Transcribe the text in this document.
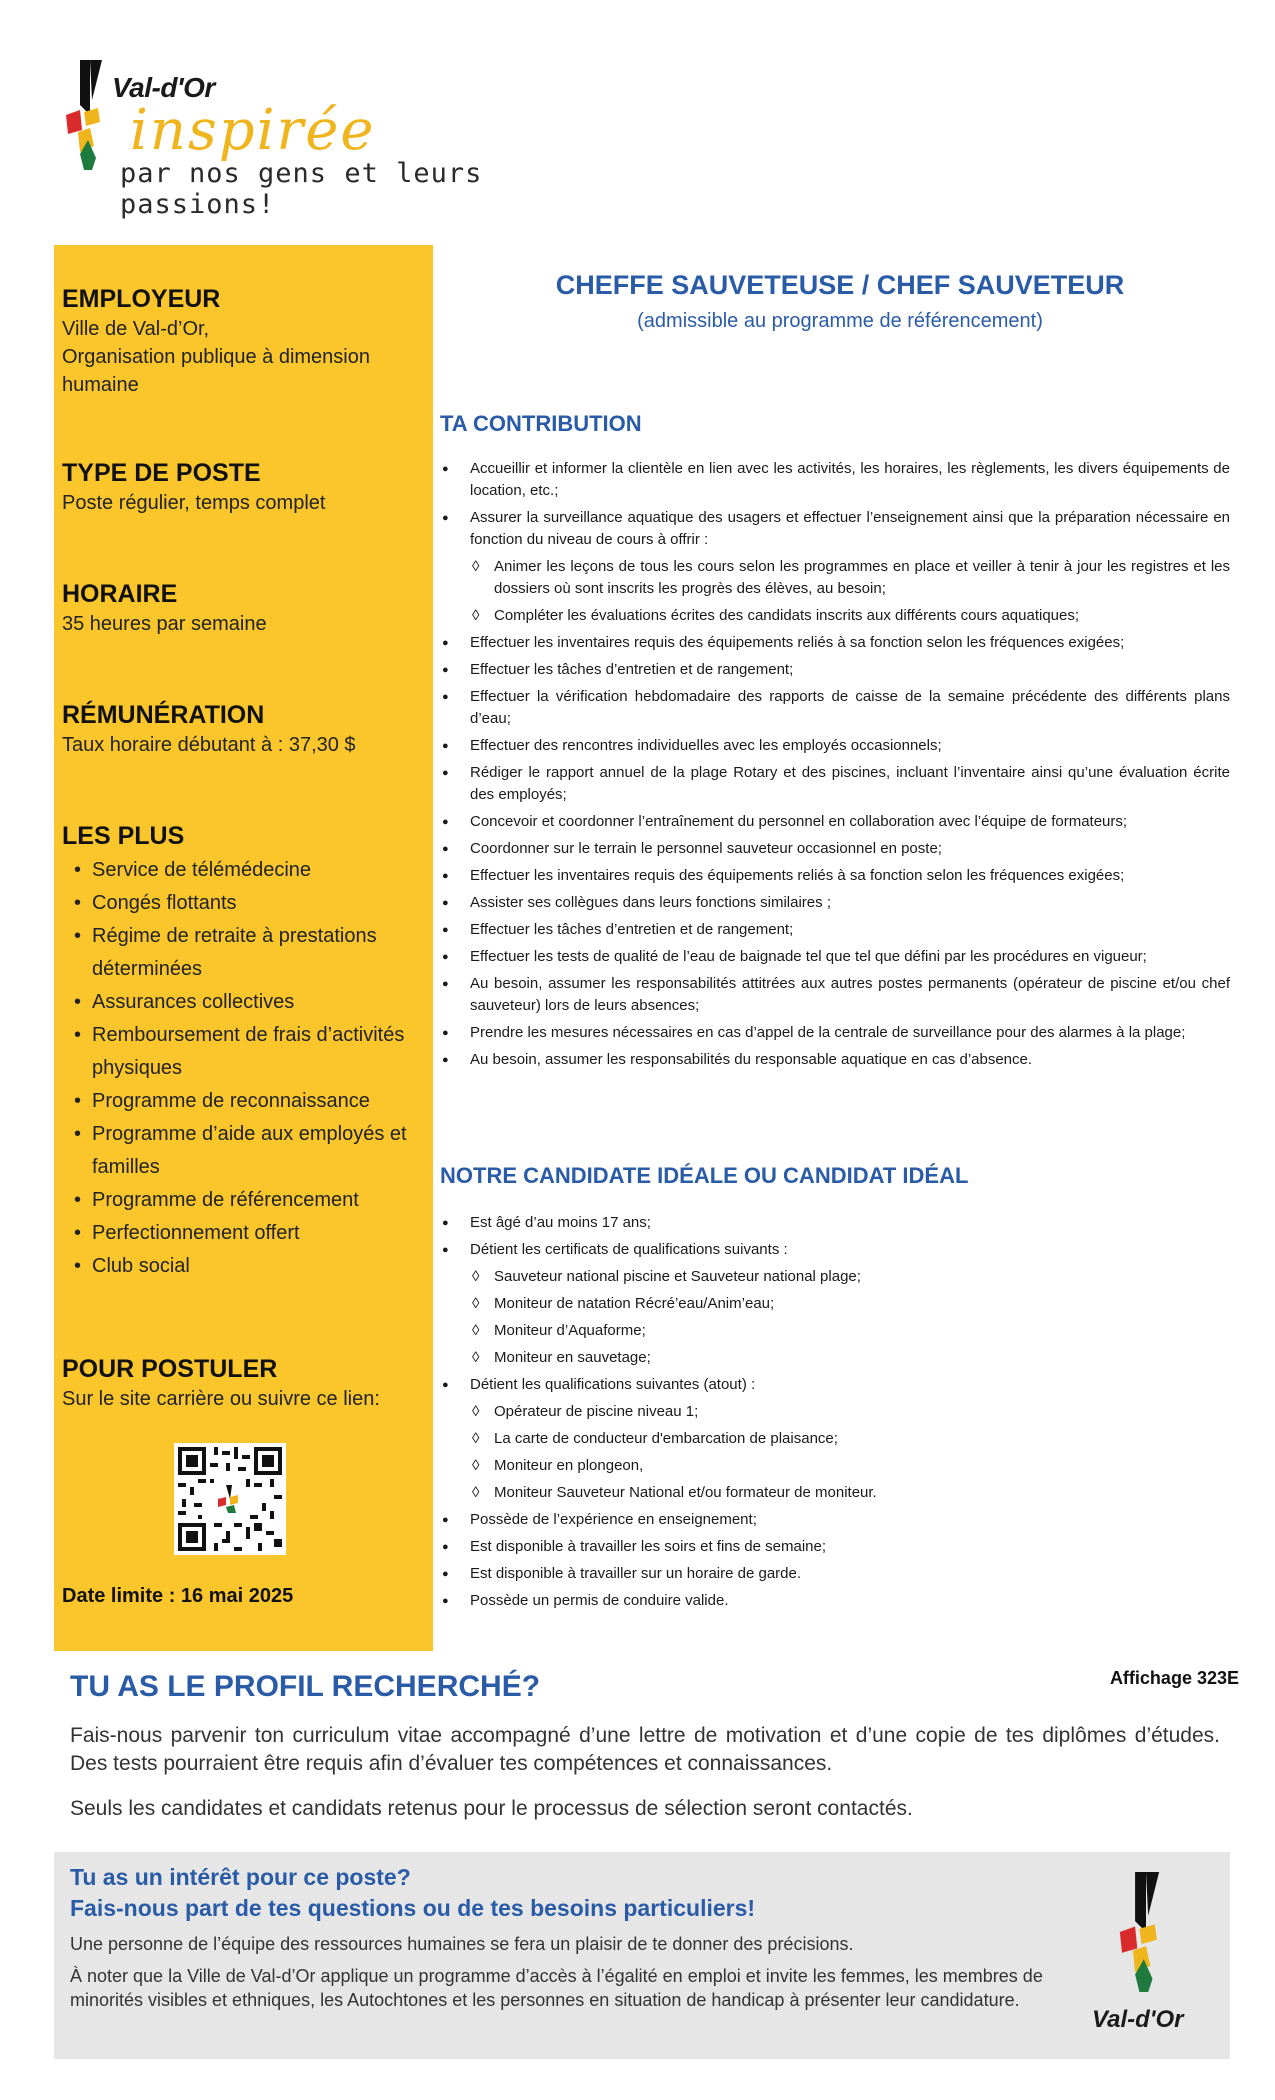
Val-d'Or
inspirée
par nos gens et leurs passions!
EMPLOYEUR
Ville de Val-d’Or,
Organisation publique à dimension humaine
TYPE DE POSTE
Poste régulier, temps complet
HORAIRE
35 heures par semaine
RÉMUNÉRATION
Taux horaire débutant à : 37,30 $
LES PLUS
• Service de télémédecine
• Congés flottants
• Régime de retraite à prestations déterminées
• Assurances collectives
• Remboursement de frais d’activités physiques
• Programme de reconnaissance
• Programme d’aide aux employés et familles
• Programme de référencement
• Perfectionnement offert
• Club social
POUR POSTULER
Sur le site carrière ou suivre ce lien:
Date limite : 16 mai 2025
CHEFFE SAUVETEUSE / CHEF SAUVETEUR
(admissible au programme de référencement)
TA CONTRIBUTION
● Accueillir et informer la clientèle en lien avec les activités, les horaires, les règlements, les divers équipements de location, etc.;
● Assurer la surveillance aquatique des usagers et effectuer l’enseignement ainsi que la préparation nécessaire en fonction du niveau de cours à offrir :
◊ Animer les leçons de tous les cours selon les programmes en place et veiller à tenir à jour les registres et les dossiers où sont inscrits les progrès des élèves, au besoin;
◊ Compléter les évaluations écrites des candidats inscrits aux différents cours aquatiques;
● Effectuer les inventaires requis des équipements reliés à sa fonction selon les fréquences exigées;
● Effectuer les tâches d’entretien et de rangement;
● Effectuer la vérification hebdomadaire des rapports de caisse de la semaine précédente des différents plans d’eau;
● Effectuer des rencontres individuelles avec les employés occasionnels;
● Rédiger le rapport annuel de la plage Rotary et des piscines, incluant l’inventaire ainsi qu’une évaluation écrite des employés;
● Concevoir et coordonner l’entraînement du personnel en collaboration avec l’équipe de formateurs;
● Coordonner sur le terrain le personnel sauveteur occasionnel en poste;
● Effectuer les inventaires requis des équipements reliés à sa fonction selon les fréquences exigées;
● Assister ses collègues dans leurs fonctions similaires ;
● Effectuer les tâches d’entretien et de rangement;
● Effectuer les tests de qualité de l’eau de baignade tel que tel que défini par les procédures en vigueur;
● Au besoin, assumer les responsabilités attitrées aux autres postes permanents (opérateur de piscine et/ou chef sauveteur) lors de leurs absences;
● Prendre les mesures nécessaires en cas d’appel de la centrale de surveillance pour des alarmes à la plage;
● Au besoin, assumer les responsabilités du responsable aquatique en cas d’absence.
NOTRE CANDIDATE IDÉALE OU CANDIDAT IDÉAL
● Est âgé d’au moins 17 ans;
● Détient les certificats de qualifications suivants :
◊ Sauveteur national piscine et Sauveteur national plage;
◊ Moniteur de natation Récré’eau/Anim’eau;
◊ Moniteur d’Aquaforme;
◊ Moniteur en sauvetage;
● Détient les qualifications suivantes (atout) :
◊ Opérateur de piscine niveau 1;
◊ La carte de conducteur d'embarcation de plaisance;
◊ Moniteur en plongeon,
◊ Moniteur Sauveteur National et/ou formateur de moniteur.
● Possède de l’expérience en enseignement;
● Est disponible à travailler les soirs et fins de semaine;
● Est disponible à travailler sur un horaire de garde.
● Possède un permis de conduire valide.
Affichage 323E
TU AS LE PROFIL RECHERCHÉ?
Fais-nous parvenir ton curriculum vitae accompagné d’une lettre de motivation et d’une copie de tes diplômes d’études. Des tests pourraient être requis afin d’évaluer tes compétences et connaissances.
Seuls les candidates et candidats retenus pour le processus de sélection seront contactés.
Tu as un intérêt pour ce poste?
Fais-nous part de tes questions ou de tes besoins particuliers!
Une personne de l’équipe des ressources humaines se fera un plaisir de te donner des précisions.
À noter que la Ville de Val-d’Or applique un programme d’accès à l’égalité en emploi et invite les femmes, les membres de minorités visibles et ethniques, les Autochtones et les personnes en situation de handicap à présenter leur candidature.
Val-d'Or
